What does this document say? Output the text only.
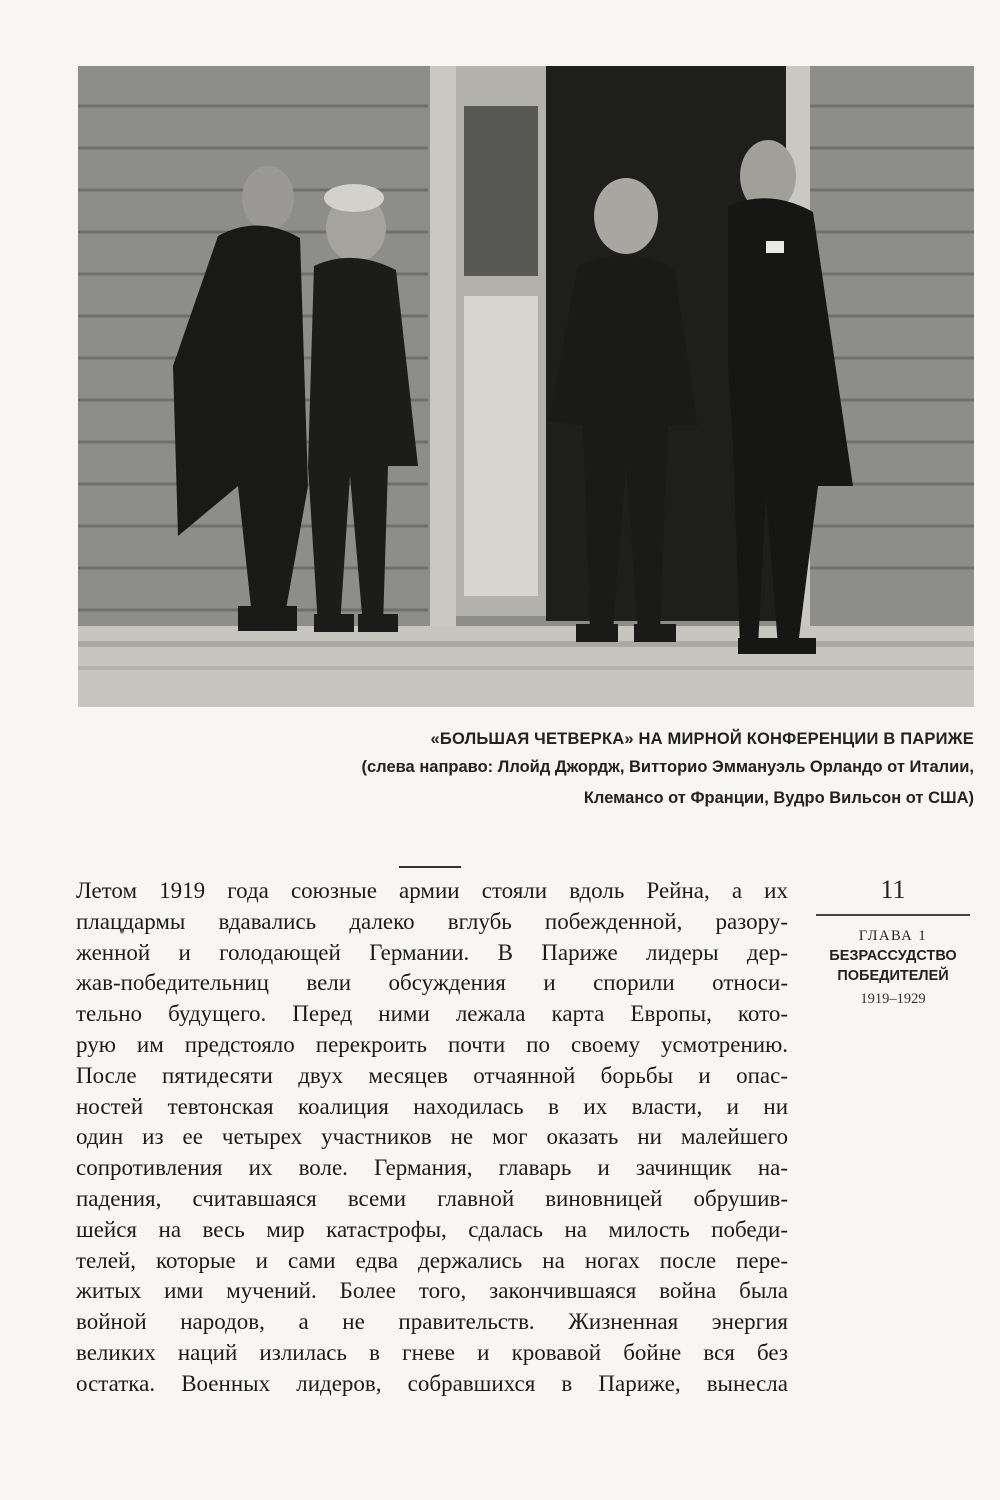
«БОЛЬШАЯ ЧЕТВЕРКА» НА МИРНОЙ КОНФЕРЕНЦИИ В ПАРИЖЕ
(слева направо: Ллойд Джордж, Витторио Эммануэль Орландо от Италии,
Клемансо от Франции, Вудро Вильсон от США)
Летом 1919 года союзные армии стояли вдоль Рейна, а их
плацдармы вдавались далеко вглубь побежденной, разору-
женной и голодающей Германии. В Париже лидеры дер-
жав-победительниц вели обсуждения и спорили относи-
тельно будущего. Перед ними лежала карта Европы, кото-
рую им предстояло перекроить почти по своему усмотрению.
После пятидесяти двух месяцев отчаянной борьбы и опас-
ностей тевтонская коалиция находилась в их власти, и ни
один из ее четырех участников не мог оказать ни малейшего
сопротивления их воле. Германия, главарь и зачинщик на-
падения, считавшаяся всеми главной виновницей обрушив-
шейся на весь мир катастрофы, сдалась на милость победи-
телей, которые и сами едва держались на ногах после пере-
житых ими мучений. Более того, закончившаяся война была
войной народов, а не правительств. Жизненная энергия
великих наций излилась в гневе и кровавой бойне вся без
остатка. Военных лидеров, собравшихся в Париже, вынесла
11
ГЛАВА 1
БЕЗРАССУДСТВО
ПОБЕДИТЕЛЕЙ
1919–1929
